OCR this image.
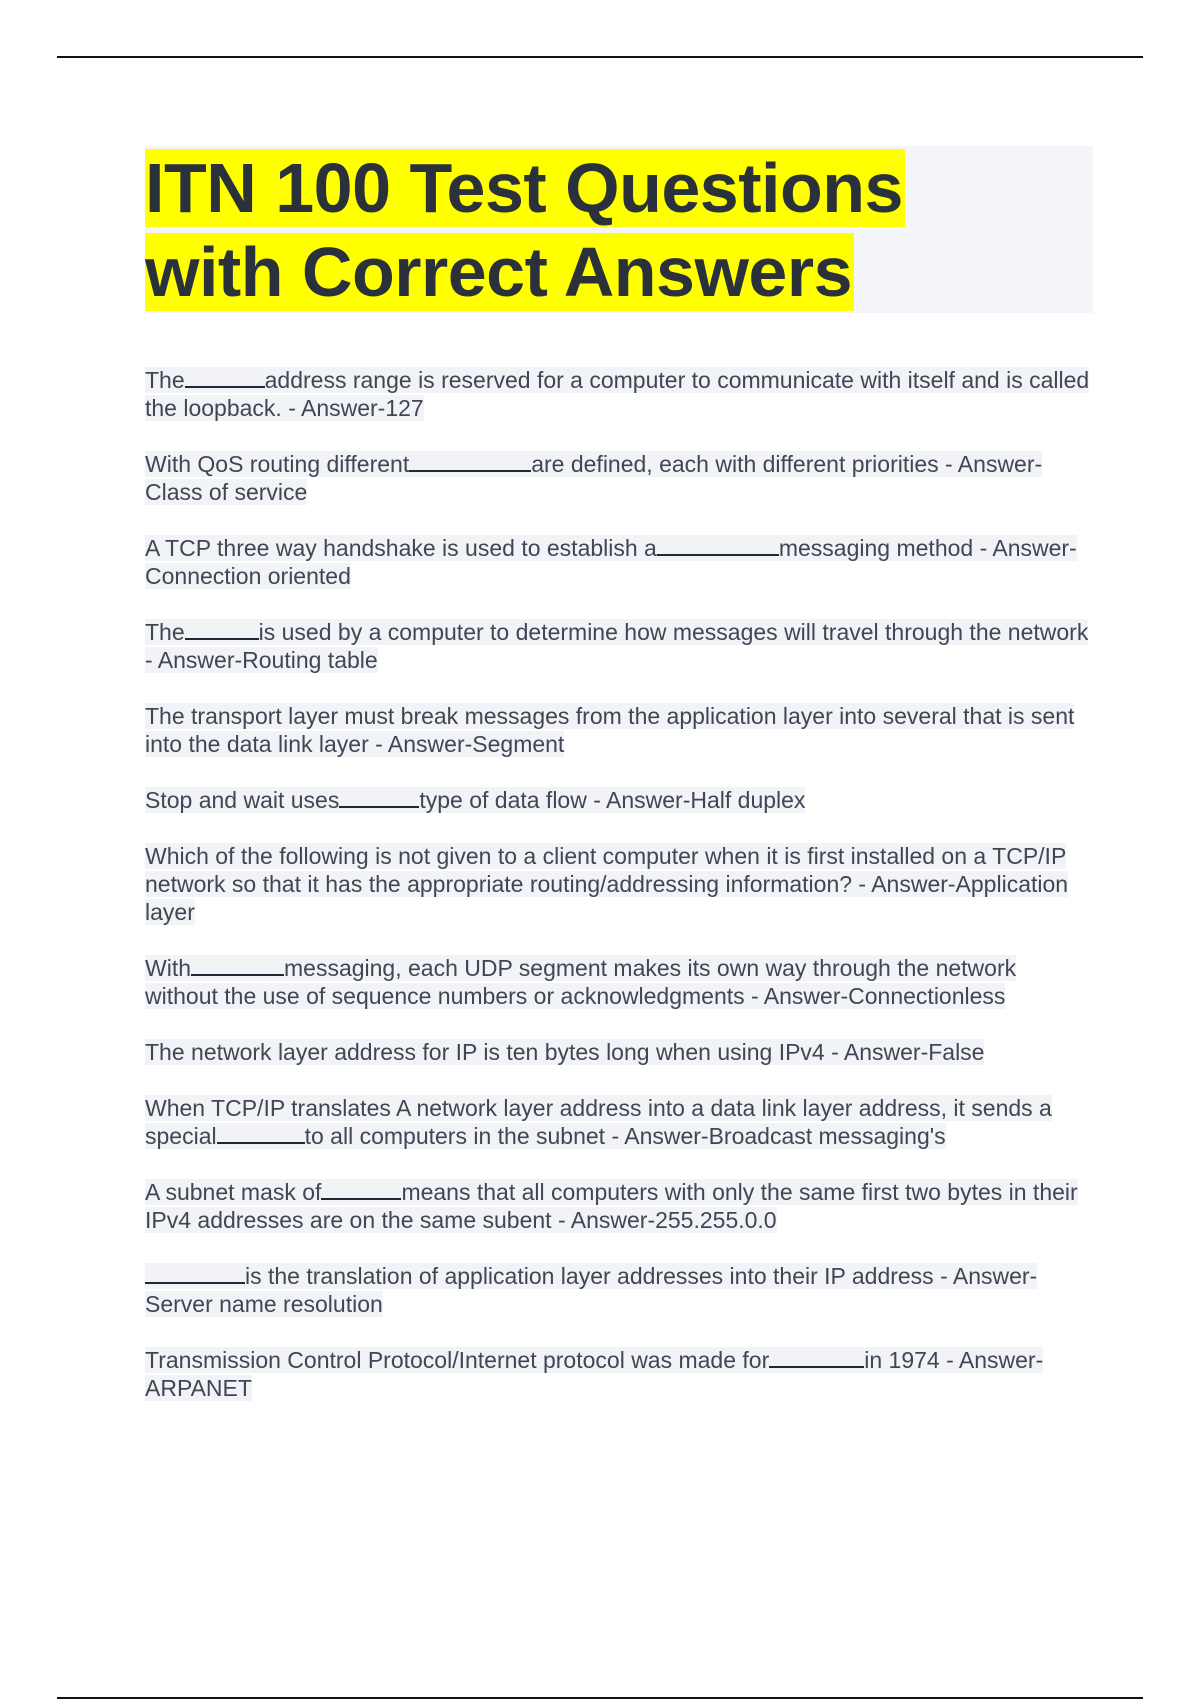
ITN 100 Test Questions
with Correct Answers
The	address range is reserved for a computer to communicate with itself and is called the loopback. - Answer-127
With QoS routing different	are defined, each with different priorities - Answer-Class of service
A TCP three way handshake is used to establish a	messaging method - Answer-Connection oriented
The	is used by a computer to determine how messages will travel through the network - Answer-Routing table
The transport layer must break messages from the application layer into several that is sent into the data link layer - Answer-Segment
Stop and wait uses	type of data flow - Answer-Half duplex
Which of the following is not given to a client computer when it is first installed on a TCP/IP network so that it has the appropriate routing/addressing information? - Answer-Application layer
With	messaging, each UDP segment makes its own way through the network without the use of sequence numbers or acknowledgments - Answer-Connectionless
The network layer address for IP is ten bytes long when using IPv4 - Answer-False
When TCP/IP translates A network layer address into a data link layer address, it sends a special	to all computers in the subnet - Answer-Broadcast messaging's
A subnet mask of	means that all computers with only the same first two bytes in their IPv4 addresses are on the same subent - Answer-255.255.0.0
is the translation of application layer addresses into their IP address - Answer-Server name resolution
Transmission Control Protocol/Internet protocol was made for	in 1974 - Answer-ARPANET
